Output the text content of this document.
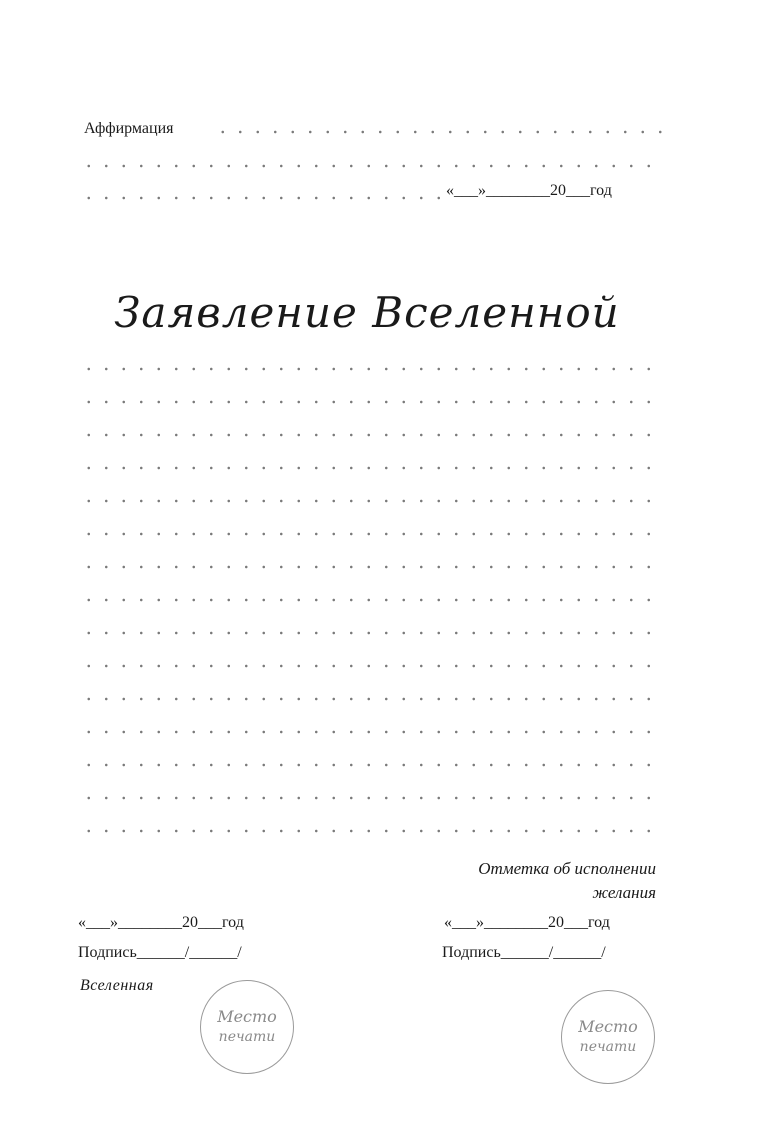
Аффирмация
«___»________20___год
Заявление Вселенной
Отметка об исполнении
желания
«___»________20___год
Подпись______/______/
Вселенная
Место
печати
«___»________20___год
Подпись______/______/
Место
печати
